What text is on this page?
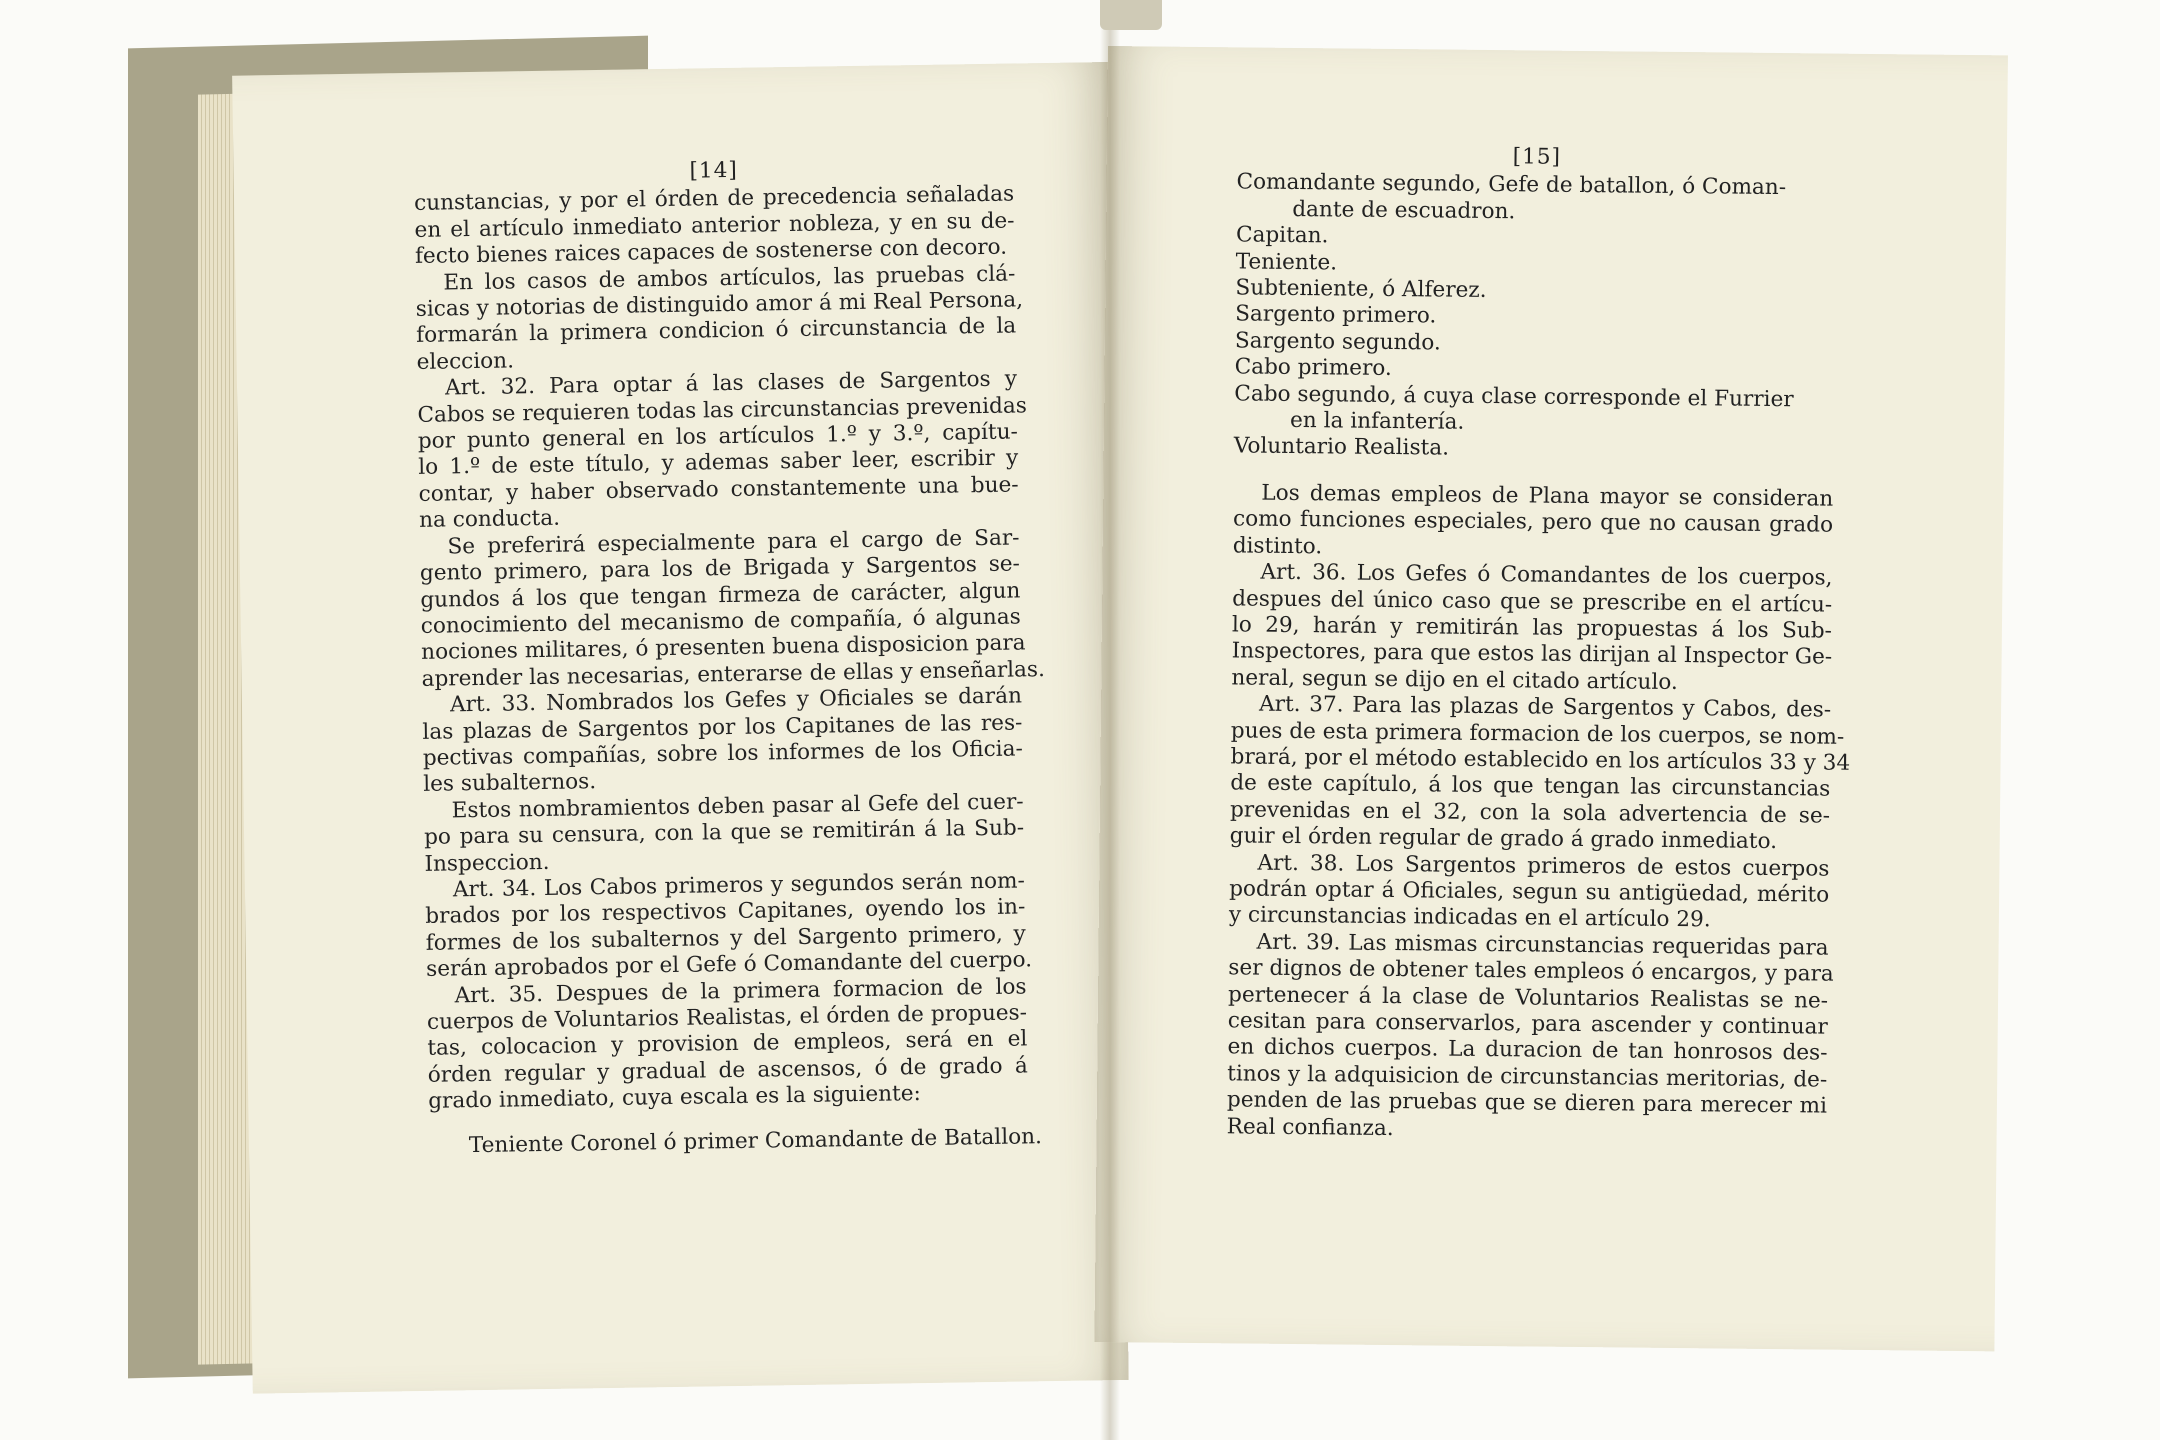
[14]
cunstancias, y por el órden de precedencia señaladas
en el artículo inmediato anterior nobleza, y en su de-
fecto bienes raices capaces de sostenerse con decoro.
En los casos de ambos artículos, las pruebas clá-
sicas y notorias de distinguido amor á mi Real Persona,
formarán la primera condicion ó circunstancia de la
eleccion.
Art. 32. Para optar á las clases de Sargentos y
Cabos se requieren todas las circunstancias prevenidas
por punto general en los artículos 1.º y 3.º, capítu-
lo 1.º de este título, y ademas saber leer, escribir y
contar, y haber observado constantemente una bue-
na conducta.
Se preferirá especialmente para el cargo de Sar-
gento primero, para los de Brigada y Sargentos se-
gundos á los que tengan firmeza de carácter, algun
conocimiento del mecanismo de compañía, ó algunas
nociones militares, ó presenten buena disposicion para
aprender las necesarias, enterarse de ellas y enseñarlas.
Art. 33. Nombrados los Gefes y Oficiales se darán
las plazas de Sargentos por los Capitanes de las res-
pectivas compañías, sobre los informes de los Oficia-
les subalternos.
Estos nombramientos deben pasar al Gefe del cuer-
po para su censura, con la que se remitirán á la Sub-
Inspeccion.
Art. 34. Los Cabos primeros y segundos serán nom-
brados por los respectivos Capitanes, oyendo los in-
formes de los subalternos y del Sargento primero, y
serán aprobados por el Gefe ó Comandante del cuerpo.
Art. 35. Despues de la primera formacion de los
cuerpos de Voluntarios Realistas, el órden de propues-
tas, colocacion y provision de empleos, será en el
órden regular y gradual de ascensos, ó de grado á
grado inmediato, cuya escala es la siguiente:
Teniente Coronel ó primer Comandante de Batallon.
[15]
Comandante segundo, Gefe de batallon, ó Coman-
dante de escuadron.
Capitan.
Teniente.
Subteniente, ó Alferez.
Sargento primero.
Sargento segundo.
Cabo primero.
Cabo segundo, á cuya clase corresponde el Furrier
en la infantería.
Voluntario Realista.
Los demas empleos de Plana mayor se consideran
como funciones especiales, pero que no causan grado
distinto.
Art. 36. Los Gefes ó Comandantes de los cuerpos,
despues del único caso que se prescribe en el artícu-
lo 29, harán y remitirán las propuestas á los Sub-
Inspectores, para que estos las dirijan al Inspector Ge-
neral, segun se dijo en el citado artículo.
Art. 37. Para las plazas de Sargentos y Cabos, des-
pues de esta primera formacion de los cuerpos, se nom-
brará, por el método establecido en los artículos 33 y 34
de este capítulo, á los que tengan las circunstancias
prevenidas en el 32, con la sola advertencia de se-
guir el órden regular de grado á grado inmediato.
Art. 38. Los Sargentos primeros de estos cuerpos
podrán optar á Oficiales, segun su antigüedad, mérito
y circunstancias indicadas en el artículo 29.
Art. 39. Las mismas circunstancias requeridas para
ser dignos de obtener tales empleos ó encargos, y para
pertenecer á la clase de Voluntarios Realistas se ne-
cesitan para conservarlos, para ascender y continuar
en dichos cuerpos. La duracion de tan honrosos des-
tinos y la adquisicion de circunstancias meritorias, de-
penden de las pruebas que se dieren para merecer mi
Real confianza.
